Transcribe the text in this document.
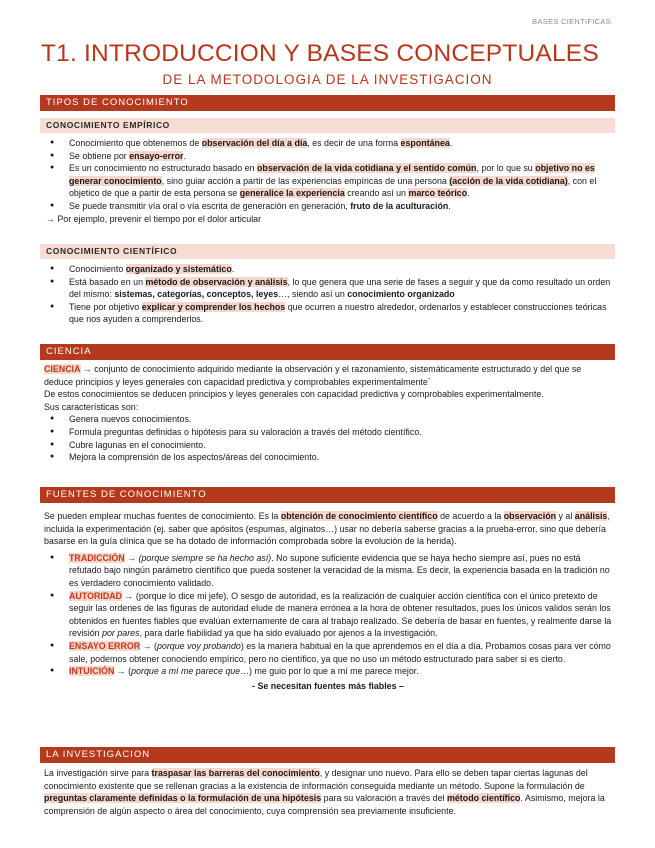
BASES CIENTIFICAS
T1. INTRODUCCION Y BASES CONCEPTUALES
DE LA METODOLOGIA DE LA INVESTIGACION
TIPOS DE CONOCIMIENTO
CONOCIMIENTO EMPÍRICO
● Conocimiento que obtenemos de observación del día a día, es decir de una forma espontánea.
● Se obtiene por ensayo-error.
● Es un conocimiento no estructurado basado en observación de la vida cotidiana y el sentido común, por lo que su objetivo no es generar conocimiento, sino guiar acción a partir de las experiencias empíricas de una persona (acción de la vida cotidiana), con el objetico de que a partir de esta persona se generalice la experiencia creando así un marco teórico.
● Se puede transmitir vía oral o vía escrita de generación en generación, fruto de la aculturación.

→ Por ejemplo, prevenir el tiempo por el dolor articular

CONOCIMIENTO CIENTÍFICO
● Conocimiento organizado y sistemático.
● Está basado en un método de observación y análisis, lo que genera que una serie de fases a seguir y que da como resultado un orden del mismo: sistemas, categorías, conceptos, leyes…, siendo así un conocimiento organizado
● Tiene por objetivo explicar y comprender los hechos que ocurren a nuestro alrededor, ordenarlos y establecer construcciones teóricas que nos ayuden a comprenderlos.
CIENCIA

CIENCIA → conjunto de conocimiento adquirido mediante la observación y el razonamiento, sistemáticamente estructurado y del que se deduce principios y leyes generales con capacidad predictiva y comprobables experimentalmente´

De estos conocimientos se deducen principios y leyes generales con capacidad predictiva y comprobables experimentalmente.

Sus características son:

● Genera nuevos conocimientos.
● Formula preguntas definidas o hipótesis para su valoración a través del método científico.
● Cubre lagunas en el conocimiento.
● Mejora la comprensión de los aspectos/áreas del conocimiento.
FUENTES DE CONOCIMIENTO

Se pueden emplear muchas fuentes de conocimiento. Es la obtención de conocimiento científico de acuerdo a la observación y al análisis, incluida la experimentación (ej. saber que apósitos (espumas, alginatos…) usar no debería saberse gracias a la prueba-error, sino que debería basarse en la guía clínica que se ha dotado de información comprobada sobre la evolución de la herida).

● TRADICCIÓN → (porque siempre se ha hecho así). No supone suficiente evidencia que se haya hecho siempre así, pues no está refutado bajo ningún parámetro científico que pueda sostener la veracidad de la misma. Es decir, la experiencia basada en la tradición no es verdadero conocimiento validado.
● AUTORIDAD → (porque lo dice mi jefe). O sesgo de autoridad, es la realización de cualquier acción científica con el único pretexto de seguir las ordenes de las figuras de autoridad elude de manera errónea a la hora de obtener resultados, pues los únicos validos serán los obtenidos en fuentes fiables que evalúan externamente de cara al trabajo realizado. Se debería de basar en fuentes, y realmente darse la revisión por pares, para darle fiabilidad ya que ha sido evaluado por ajenos a la investigación.
● ENSAYO ERROR → (porque voy probando) es la manera habitual en la que aprendemos en el día a día. Probamos cosas para ver cómo sale, podemos obtener conociendo empírico, pero no científico, ya que no uso un método estructurado para saber si es cierto.
● INTUICIÓN → (porque a mí me parece que…) me guio por lo que a mí me parece mejor.

- Se necesitan fuentes más fiables –

LA INVESTIGACION

La investigación sirve para traspasar las barreras del conocimiento, y designar uno nuevo. Para ello se deben tapar ciertas lagunas del conocimiento existente que se rellenan gracias a la existencia de información conseguida mediante un método. Supone la formulación de preguntas claramente definidas o la formulación de una hipótesis para su valoración a través del método científico. Asimismo, mejora la comprensión de algún aspecto o área del conocimiento, cuya comprensión sea previamente insuficiente.
